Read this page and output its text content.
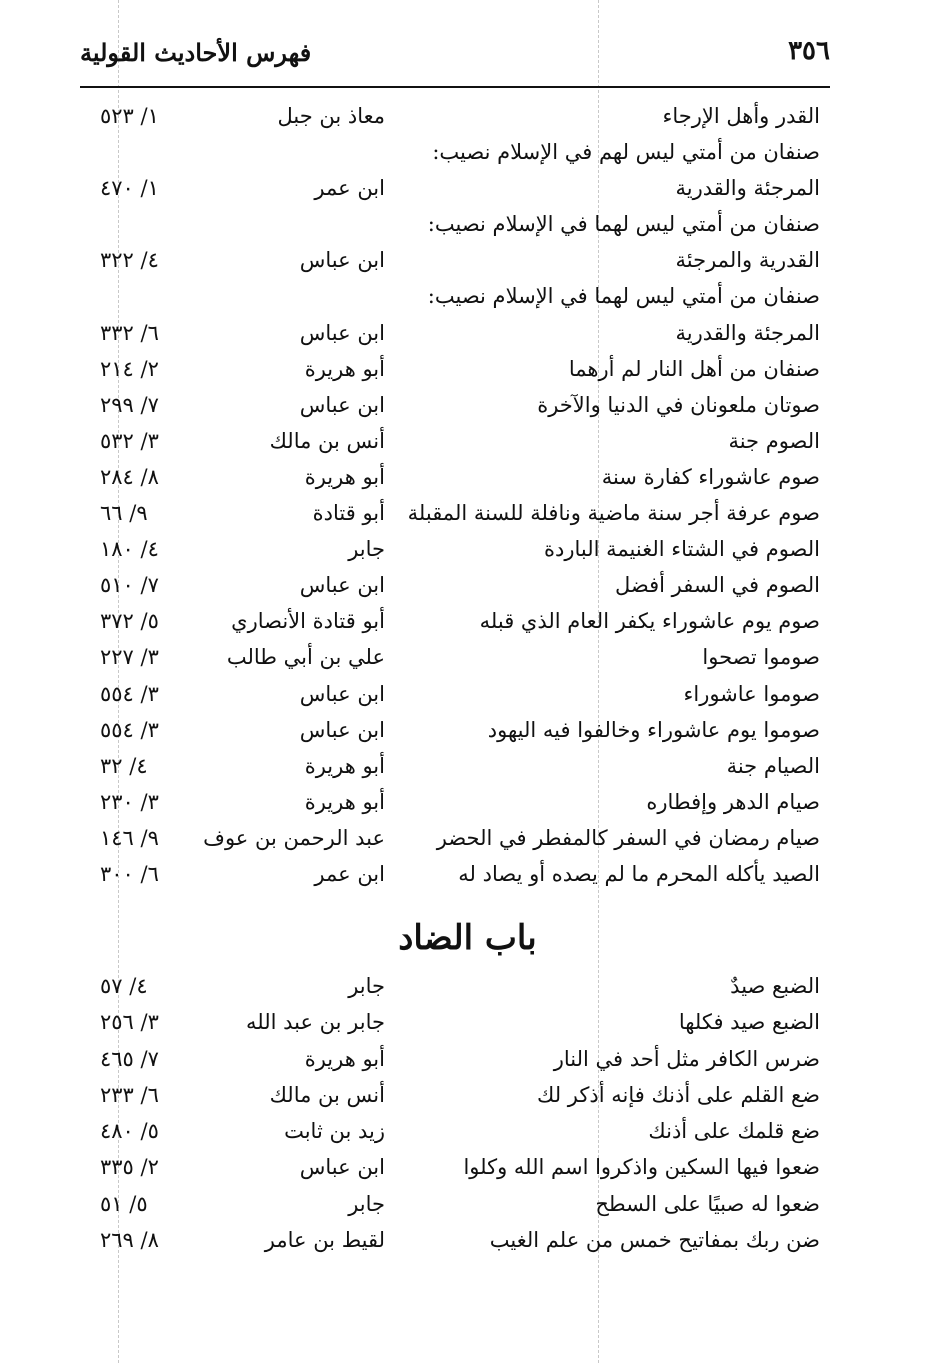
٣٥٦
فهرس الأحاديث القولية
القدر وأهل الإرجاء
معاذ بن جبل
١/ ٥٢٣
صنفان من أمتي ليس لهم في الإسلام نصيب:
المرجئة والقدرية
ابن عمر
١/ ٤٧٠
صنفان من أمتي ليس لهما في الإسلام نصيب:
القدرية والمرجئة
ابن عباس
٤/ ٣٢٢
صنفان من أمتي ليس لهما في الإسلام نصيب:
المرجئة والقدرية
ابن عباس
٦/ ٣٣٢
صنفان من أهل النار لم أرهما
أبو هريرة
٢/ ٢١٤
صوتان ملعونان في الدنيا والآخرة
ابن عباس
٧/ ٢٩٩
الصوم جنة
أنس بن مالك
٣/ ٥٣٢
صوم عاشوراء كفارة سنة
أبو هريرة
٨/ ٢٨٤
صوم عرفة أجر سنة ماضية ونافلة للسنة المقبلة
أبو قتادة
٩/ ٦٦
الصوم في الشتاء الغنيمة الباردة
جابر
٤/ ١٨٠
الصوم في السفر أفضل
ابن عباس
٧/ ٥١٠
صوم يوم عاشوراء يكفر العام الذي قبله
أبو قتادة الأنصاري
٥/ ٣٧٢
صوموا تصحوا
علي بن أبي طالب
٣/ ٢٢٧
صوموا عاشوراء
ابن عباس
٣/ ٥٥٤
صوموا يوم عاشوراء وخالفوا فيه اليهود
ابن عباس
٣/ ٥٥٤
الصيام جنة
أبو هريرة
٤/ ٣٢
صيام الدهر وإفطاره
أبو هريرة
٣/ ٢٣٠
صيام رمضان في السفر كالمفطر في الحضر
عبد الرحمن بن عوف
٩/ ١٤٦
الصيد يأكله المحرم ما لم يصده أو يصاد له
ابن عمر
٦/ ٣٠٠
باب الضاد
الضبع صيدٌ
جابر
٤/ ٥٧
الضبع صيد فكلها
جابر بن عبد الله
٣/ ٢٥٦
ضرس الكافر مثل أحد في النار
أبو هريرة
٧/ ٤٦٥
ضع القلم على أذنك فإنه أذكر لك
أنس بن مالك
٦/ ٢٣٣
ضع قلمك على أذنك
زيد بن ثابت
٥/ ٤٨٠
ضعوا فيها السكين واذكروا اسم الله وكلوا
ابن عباس
٢/ ٣٣٥
ضعوا له صبيًا على السطح
جابر
٥/ ٥١
ضن ربك بمفاتيح خمس من علم الغيب
لقيط بن عامر
٨/ ٢٦٩
